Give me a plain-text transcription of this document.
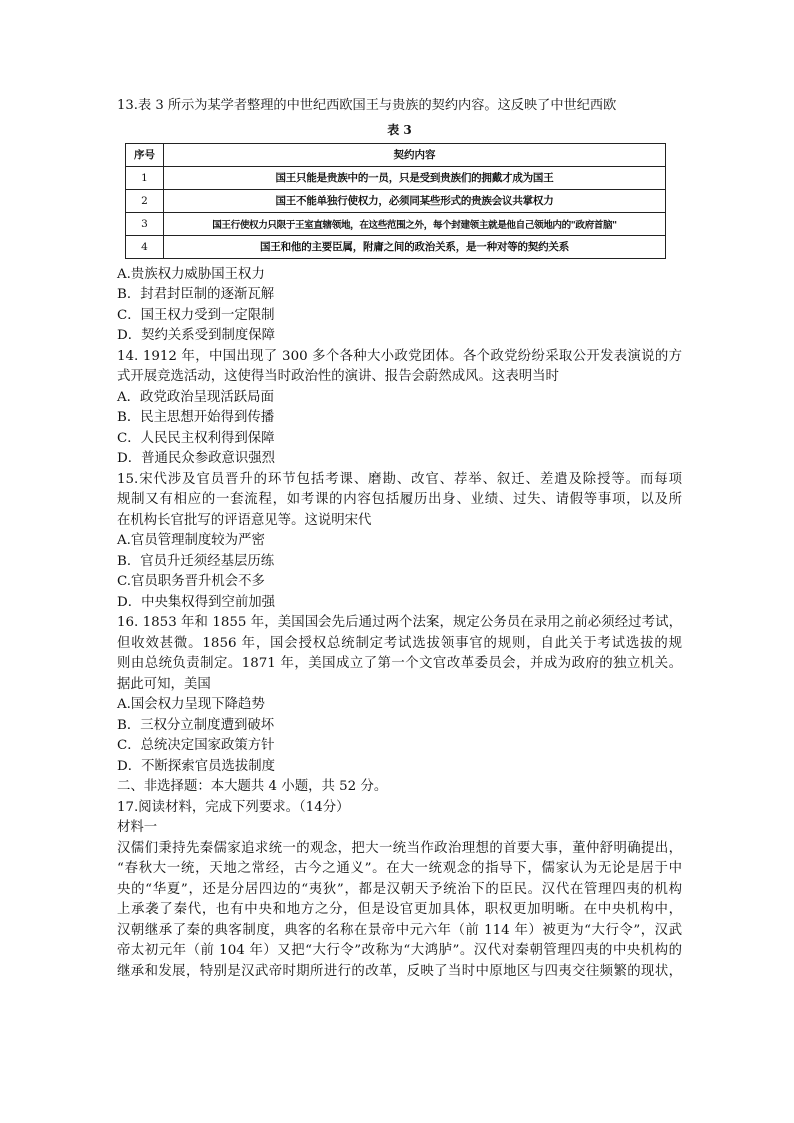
13.表 3 所示为某学者整理的中世纪西欧国王与贵族的契约内容。这反映了中世纪西欧
表 3
序号	契约内容
1	国王只能是贵族中的一员，只是受到贵族们的拥戴才成为国王
2	国王不能单独行使权力，必须同某些形式的贵族会议共掌权力
3	国王行使权力只限于王室直辖领地，在这些范围之外，每个封建领主就是他自己领地内的"政府首脑"
4	国王和他的主要臣属，附庸之间的政治关系，是一种对等的契约关系
A.贵族权力威胁国王权力
B．封君封臣制的逐渐瓦解
C．国王权力受到一定限制
D．契约关系受到制度保障
14. 1912 年，中国出现了 300 多个各种大小政党团体。各个政党纷纷采取公开发表演说的方
式开展竞选活动，这使得当时政治性的演讲、报告会蔚然成风。这表明当时
A．政党政治呈现活跃局面
B．民主思想开始得到传播
C．人民民主权利得到保障
D．普通民众参政意识强烈
15.宋代涉及官员晋升的环节包括考课、磨勘、改官、荐举、叙迁、差遣及除授等。而每项
规制又有相应的一套流程，如考课的内容包括履历出身、业绩、过失、请假等事项，以及所
在机构长官批写的评语意见等。这说明宋代
A.官员管理制度较为严密
B．官员升迁须经基层历练
C.官员职务晋升机会不多
D．中央集权得到空前加强
16. 1853 年和 1855 年，美国国会先后通过两个法案，规定公务员在录用之前必须经过考试，
但收效甚微。1856 年，国会授权总统制定考试选拔领事官的规则，自此关于考试选拔的规
则由总统负责制定。1871 年，美国成立了第一个文官改革委员会，并成为政府的独立机关。
据此可知，美国
A.国会权力呈现下降趋势
B．三权分立制度遭到破坏
C．总统决定国家政策方针
D．不断探索官员选拔制度
二、非选择题：本大题共 4 小题，共 52 分。
17.阅读材料，完成下列要求。（14分）
材料一
汉儒们秉持先秦儒家追求统一的观念，把大一统当作政治理想的首要大事，董仲舒明确提出，
“春秋大一统，天地之常经，古今之通义”。在大一统观念的指导下，儒家认为无论是居于中
央的“华夏”，还是分居四边的“夷狄”，都是汉朝天予统治下的臣民。汉代在管理四夷的机构
上承袭了秦代，也有中央和地方之分，但是设官更加具体，职权更加明晰。在中央机构中，
汉朝继承了秦的典客制度，典客的名称在景帝中元六年（前 114 年）被更为“大行令”，汉武
帝太初元年（前 104 年）又把“大行令”改称为“大鸿胪”。汉代对秦朝管理四夷的中央机构的
继承和发展，特别是汉武帝时期所进行的改革，反映了当时中原地区与四夷交往频繁的现状，
